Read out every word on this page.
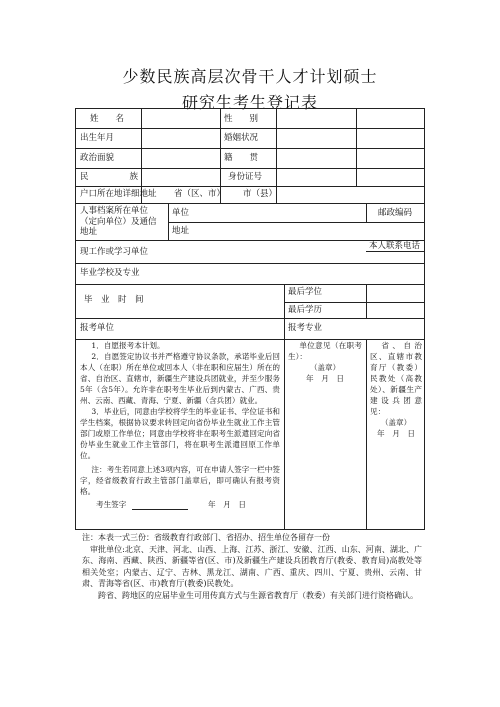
少数民族高层次骨干人才计划硕士
研究生考生登记表
姓　　名	性　　别
出生年月	婚姻状况
政治面貌	籍　　贯
民　　族	身份证号
户口所在地详细地址 省（区、市） 市（县）
人事档案所在单位（定向单位）及通信地址
单位	邮政编码
地址
现工作或学习单位
本人联系电话
毕业学校及专业
毕　业　时　间
最后学位
最后学历
报考单位	报考专业

1．自愿报考本计划。

2．自愿签定协议书并严格遵守协议条款，承诺毕业后回本人（在职）所在单位或回本人（非在职和应届生）所在的省、自治区、直辖市，新疆生产建设兵团就业，并至少服务5年（含5年）。允许非在职考生毕业后到内蒙古、广西、贵州、云南、西藏、青海、宁夏、新疆（含兵团）就业。

3．毕业后，同意由学校将学生的毕业证书、学位证书和学生档案，根据协议要求转回定向省份毕业生就业工作主管部门或原工作单位；同意由学校将非在职考生派遣回定向省份毕业生就业工作主管部门，将在职考生派遣回原工作单位。

注：考生若同意上述3项内容，可在申请人签字一栏中签字，经省级教育行政主管部门盖章后，即可确认有报考资格。

考生签字	年　月　日

单位意见（在职考生）：

（盖章）

年　月　日

省、自治区、直辖市教育厅（教委）民教处（高教处）、新疆生产建设兵团意见：

（盖章）

年　月　日

注：本表一式三份：省级教育行政部门、省招办、招生单位各留存一份

审批单位:北京、天津、河北、山西、上海、江苏、浙江、安徽、江西、山东、河南、湖北、广东、海南、西藏、陕西、新疆等省(区、市)及新疆生产建设兵团教育厅(教委、教育局)高教处等相关处室；内蒙古、辽宁、吉林、黑龙江、湖南、广西、重庆、四川、宁夏、贵州、云南、甘肃、青海等省(区、市)教育厅(教委)民教处。

跨省、跨地区的应届毕业生可用传真方式与生源省教育厅（教委）有关部门进行资格确认。
